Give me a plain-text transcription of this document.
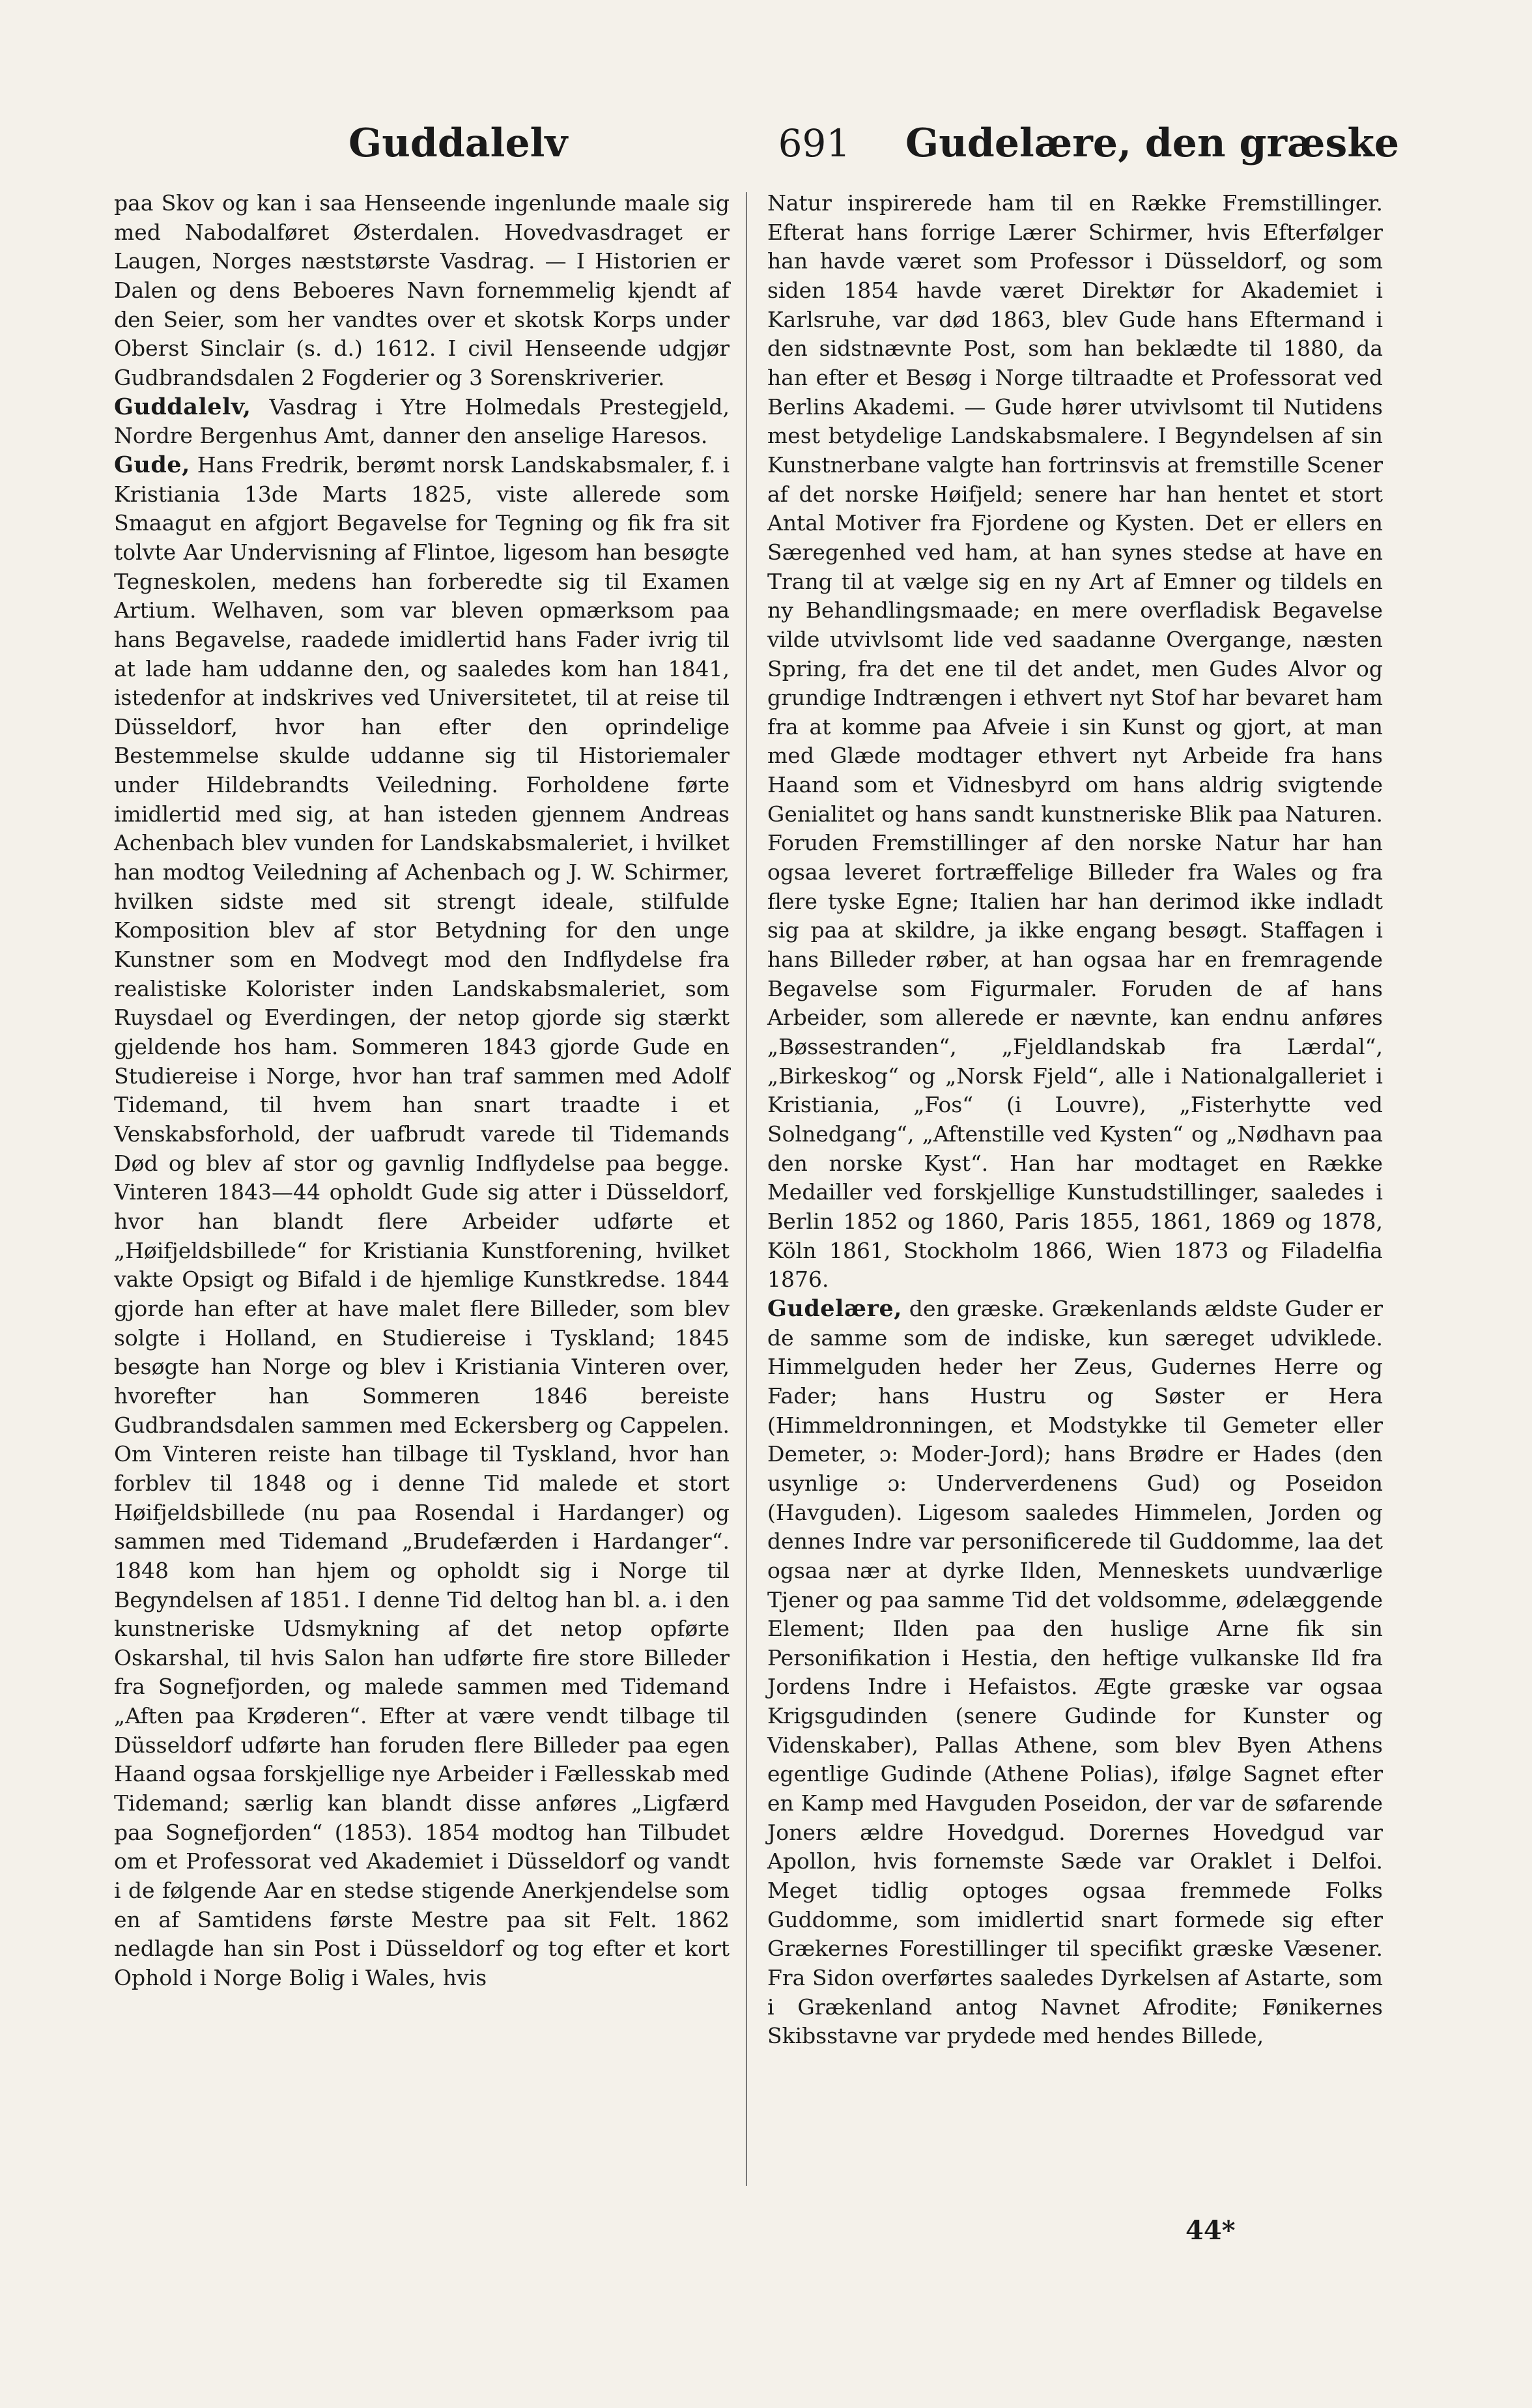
Guddalelv	691	Gudelære, den græske

paa Skov og kan i saa Henseende ingenlunde maale sig med Nabodalføret Østerdalen. Hovedvasdraget er Laugen, Norges næststørste Vasdrag. — I Historien er Dalen og dens Beboeres Navn fornemmelig kjendt af den Seier, som her vandtes over et skotsk Korps under Oberst Sinclair (s. d.) 1612. I civil Henseende udgjør Gudbrandsdalen 2 Fogderier og 3 Sorenskriverier.

Guddalelv, Vasdrag i Ytre Holmedals Prestegjeld, Nordre Bergenhus Amt, danner den anselige Haresos.

Gude, Hans Fredrik, berømt norsk Landskabsmaler, f. i Kristiania 13de Marts 1825, viste allerede som Smaagut en afgjort Begavelse for Tegning og fik fra sit tolvte Aar Undervisning af Flintoe, ligesom han besøgte Tegneskolen, medens han forberedte sig til Examen Artium. Welhaven, som var bleven opmærksom paa hans Begavelse, raadede imidlertid hans Fader ivrig til at lade ham uddanne den, og saaledes kom han 1841, istedenfor at indskrives ved Universitetet, til at reise til Düsseldorf, hvor han efter den oprindelige Bestemmelse skulde uddanne sig til Historiemaler under Hildebrandts Veiledning. Forholdene førte imidlertid med sig, at han isteden gjennem Andreas Achenbach blev vunden for Landskabsmaleriet, i hvilket han modtog Veiledning af Achenbach og J. W. Schirmer, hvilken sidste med sit strengt ideale, stilfulde Komposition blev af stor Betydning for den unge Kunstner som en Modvegt mod den Indflydelse fra realistiske Kolorister inden Landskabsmaleriet, som Ruysdael og Everdingen, der netop gjorde sig stærkt gjeldende hos ham. Sommeren 1843 gjorde Gude en Studiereise i Norge, hvor han traf sammen med Adolf Tidemand, til hvem han snart traadte i et Venskabsforhold, der uafbrudt varede til Tidemands Død og blev af stor og gavnlig Indflydelse paa begge. Vinteren 1843—44 opholdt Gude sig atter i Düsseldorf, hvor han blandt flere Arbeider udførte et „Høifjeldsbillede“ for Kristiania Kunstforening, hvilket vakte Opsigt og Bifald i de hjemlige Kunstkredse. 1844 gjorde han efter at have malet flere Billeder, som blev solgte i Holland, en Studiereise i Tyskland; 1845 besøgte han Norge og blev i Kristiania Vinteren over, hvorefter han Sommeren 1846 bereiste Gudbrandsdalen sammen med Eckersberg og Cappelen. Om Vinteren reiste han tilbage til Tyskland, hvor han forblev til 1848 og i denne Tid malede et stort Høifjeldsbillede (nu paa Rosendal i Hardanger) og sammen med Tidemand „Brudefærden i Hardanger“. 1848 kom han hjem og opholdt sig i Norge til Begyndelsen af 1851. I denne Tid deltog han bl. a. i den kunstneriske Udsmykning af det netop opførte Oskarshal, til hvis Salon han udførte fire store Billeder fra Sognefjorden, og malede sammen med Tidemand „Aften paa Krøderen“. Efter at være vendt tilbage til Düsseldorf udførte han foruden flere Billeder paa egen Haand ogsaa forskjellige nye Arbeider i Fællesskab med Tidemand; særlig kan blandt disse anføres „Ligfærd paa Sognefjorden“ (1853). 1854 modtog han Tilbudet om et Professorat ved Akademiet i Düsseldorf og vandt i de følgende Aar en stedse stigende Anerkjendelse som en af Samtidens første Mestre paa sit Felt. 1862 nedlagde han sin Post i Düsseldorf og tog efter et kort Ophold i Norge Bolig i Wales, hvis

Natur inspirerede ham til en Række Fremstillinger. Efterat hans forrige Lærer Schirmer, hvis Efterfølger han havde været som Professor i Düsseldorf, og som siden 1854 havde været Direktør for Akademiet i Karlsruhe, var død 1863, blev Gude hans Eftermand i den sidstnævnte Post, som han beklædte til 1880, da han efter et Besøg i Norge tiltraadte et Professorat ved Berlins Akademi. — Gude hører utvivlsomt til Nutidens mest betydelige Landskabsmalere. I Begyndelsen af sin Kunstnerbane valgte han fortrinsvis at fremstille Scener af det norske Høifjeld; senere har han hentet et stort Antal Motiver fra Fjordene og Kysten. Det er ellers en Særegenhed ved ham, at han synes stedse at have en Trang til at vælge sig en ny Art af Emner og tildels en ny Behandlingsmaade; en mere overfladisk Begavelse vilde utvivlsomt lide ved saadanne Overgange, næsten Spring, fra det ene til det andet, men Gudes Alvor og grundige Indtrængen i ethvert nyt Stof har bevaret ham fra at komme paa Afveie i sin Kunst og gjort, at man med Glæde modtager ethvert nyt Arbeide fra hans Haand som et Vidnesbyrd om hans aldrig svigtende Genialitet og hans sandt kunstneriske Blik paa Naturen. Foruden Fremstillinger af den norske Natur har han ogsaa leveret fortræffelige Billeder fra Wales og fra flere tyske Egne; Italien har han derimod ikke indladt sig paa at skildre, ja ikke engang besøgt. Staffagen i hans Billeder røber, at han ogsaa har en fremragende Begavelse som Figurmaler. Foruden de af hans Arbeider, som allerede er nævnte, kan endnu anføres „Bøssestranden“, „Fjeldlandskab fra Lærdal“, „Birkeskog“ og „Norsk Fjeld“, alle i Nationalgalleriet i Kristiania, „Fos“ (i Louvre), „Fisterhytte ved Solnedgang“, „Aftenstille ved Kysten“ og „Nødhavn paa den norske Kyst“. Han har modtaget en Række Medailler ved forskjellige Kunstudstillinger, saaledes i Berlin 1852 og 1860, Paris 1855, 1861, 1869 og 1878, Köln 1861, Stockholm 1866, Wien 1873 og Filadelfia 1876.

Gudelære, den græske. Grækenlands ældste Guder er de samme som de indiske, kun særeget udviklede. Himmelguden heder her Zeus, Gudernes Herre og Fader; hans Hustru og Søster er Hera (Himmeldronningen, et Modstykke til Gemeter eller Demeter, ɔ: Moder-Jord); hans Brødre er Hades (den usynlige ɔ: Underverdenens Gud) og Poseidon (Havguden). Ligesom saaledes Himmelen, Jorden og dennes Indre var personificerede til Guddomme, laa det ogsaa nær at dyrke Ilden, Menneskets uundværlige Tjener og paa samme Tid det voldsomme, ødelæggende Element; Ilden paa den huslige Arne fik sin Personifikation i Hestia, den heftige vulkanske Ild fra Jordens Indre i Hefaistos. Ægte græske var ogsaa Krigsgudinden (senere Gudinde for Kunster og Videnskaber), Pallas Athene, som blev Byen Athens egentlige Gudinde (Athene Polias), ifølge Sagnet efter en Kamp med Havguden Poseidon, der var de søfarende Joners ældre Hovedgud. Dorernes Hovedgud var Apollon, hvis fornemste Sæde var Oraklet i Delfoi. Meget tidlig optoges ogsaa fremmede Folks Guddomme, som imidlertid snart formede sig efter Grækernes Forestillinger til specifikt græske Væsener. Fra Sidon overførtes saaledes Dyrkelsen af Astarte, som i Grækenland antog Navnet Afrodite; Fønikernes Skibsstavne var prydede med hendes Billede,

44*
